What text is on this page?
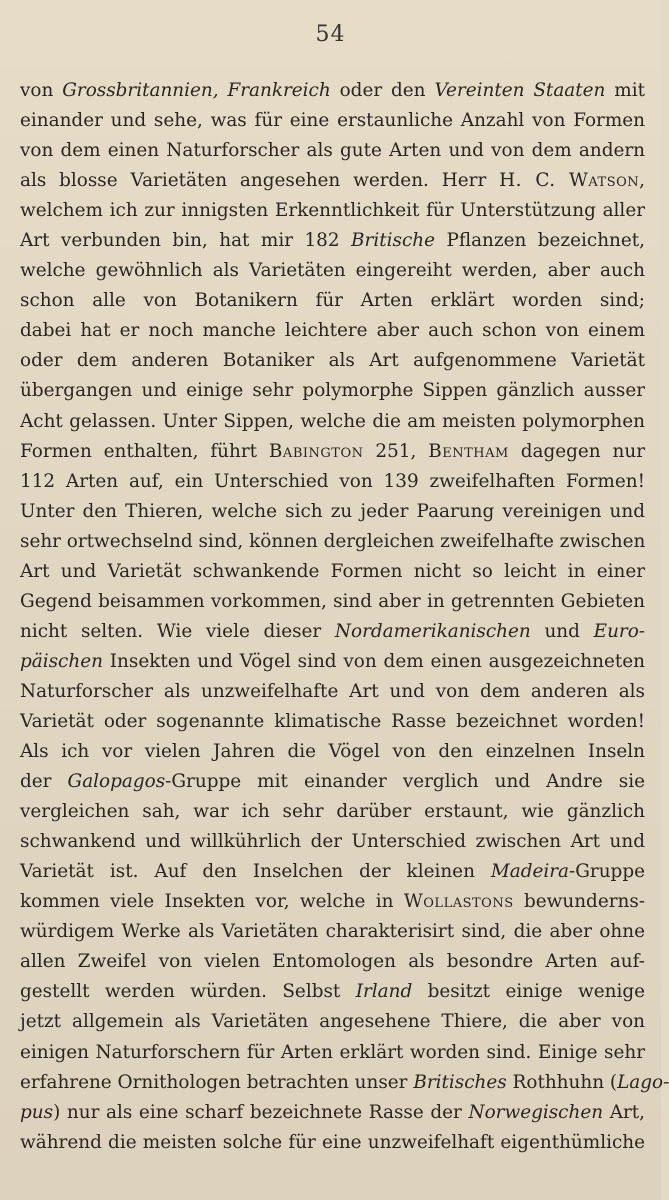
54
von Grossbritannien, Frankreich oder den Vereinten Staaten mit
einander und sehe, was für eine erstaunliche Anzahl von Formen
von dem einen Naturforscher als gute Arten und von dem andern
als blosse Varietäten angesehen werden. Herr H. C. Watson,
welchem ich zur innigsten Erkenntlichkeit für Unterstützung aller
Art verbunden bin, hat mir 182 Britische Pflanzen bezeichnet,
welche gewöhnlich als Varietäten eingereiht werden, aber auch
schon alle von Botanikern für Arten erklärt worden sind;
dabei hat er noch manche leichtere aber auch schon von einem
oder dem anderen Botaniker als Art aufgenommene Varietät
übergangen und einige sehr polymorphe Sippen gänzlich ausser
Acht gelassen. Unter Sippen, welche die am meisten polymorphen
Formen enthalten, führt Babington 251, Bentham dagegen nur
112 Arten auf, ein Unterschied von 139 zweifelhaften Formen!
Unter den Thieren, welche sich zu jeder Paarung vereinigen und
sehr ortwechselnd sind, können dergleichen zweifelhafte zwischen
Art und Varietät schwankende Formen nicht so leicht in einer
Gegend beisammen vorkommen, sind aber in getrennten Gebieten
nicht selten. Wie viele dieser Nordamerikanischen und Euro-
päischen Insekten und Vögel sind von dem einen ausgezeichneten
Naturforscher als unzweifelhafte Art und von dem anderen als
Varietät oder sogenannte klimatische Rasse bezeichnet worden!
Als ich vor vielen Jahren die Vögel von den einzelnen Inseln
der Galopagos-Gruppe mit einander verglich und Andre sie
vergleichen sah, war ich sehr darüber erstaunt, wie gänzlich
schwankend und willkührlich der Unterschied zwischen Art und
Varietät ist. Auf den Inselchen der kleinen Madeira-Gruppe
kommen viele Insekten vor, welche in Wollastons bewunderns-
würdigem Werke als Varietäten charakterisirt sind, die aber ohne
allen Zweifel von vielen Entomologen als besondre Arten auf-
gestellt werden würden. Selbst Irland besitzt einige wenige
jetzt allgemein als Varietäten angesehene Thiere, die aber von
einigen Naturforschern für Arten erklärt worden sind. Einige sehr
erfahrene Ornithologen betrachten unser Britisches Rothhuhn (Lago-
pus) nur als eine scharf bezeichnete Rasse der Norwegischen Art,
während die meisten solche für eine unzweifelhaft eigenthümliche
